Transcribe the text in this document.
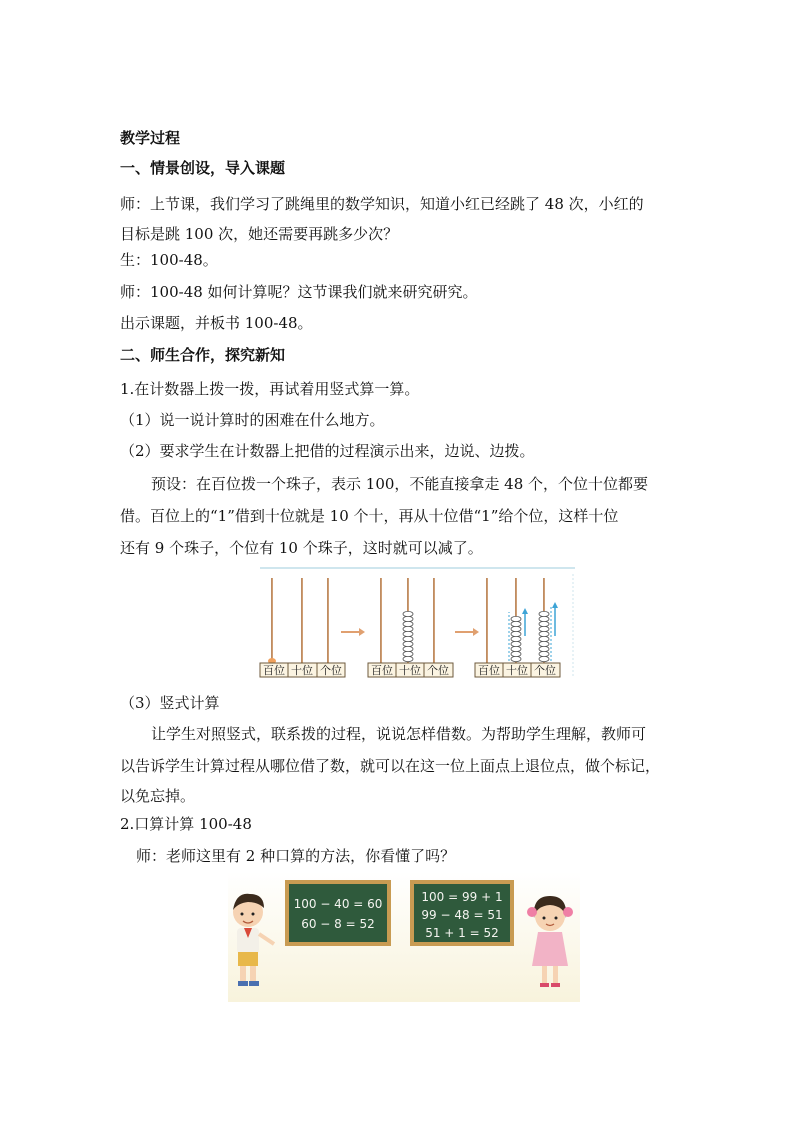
教学过程
一、情景创设，导入课题
师：上节课，我们学习了跳绳里的数学知识，知道小红已经跳了 48 次，小红的
目标是跳 100 次，她还需要再跳多少次？
生：100-48。
师：100-48 如何计算呢？这节课我们就来研究研究。
出示课题，并板书 100-48。
二、师生合作，探究新知
1.在计数器上拨一拨，再试着用竖式算一算。
（1）说一说计算时的困难在什么地方。
（2）要求学生在计数器上把借的过程演示出来，边说、边拨。
预设：在百位拨一个珠子，表示 100，不能直接拿走 48 个，个位十位都要
借。百位上的“1”借到十位就是 10 个十，再从十位借“1”给个位，这样十位
还有 9 个珠子，个位有 10 个珠子，这时就可以减了。
百位 十位 个位	百位 十位 个位	百位 十位 个位
（3）竖式计算
让学生对照竖式，联系拨的过程，说说怎样借数。为帮助学生理解，教师可
以告诉学生计算过程从哪位借了数，就可以在这一位上面点上退位点，做个标记，
以免忘掉。
2.口算计算 100-48
师：老师这里有 2 种口算的方法，你看懂了吗？
100 − 40 = 60
60 − 8 = 52
100 = 99 + 1
99 − 48 = 51
51 + 1 = 52
